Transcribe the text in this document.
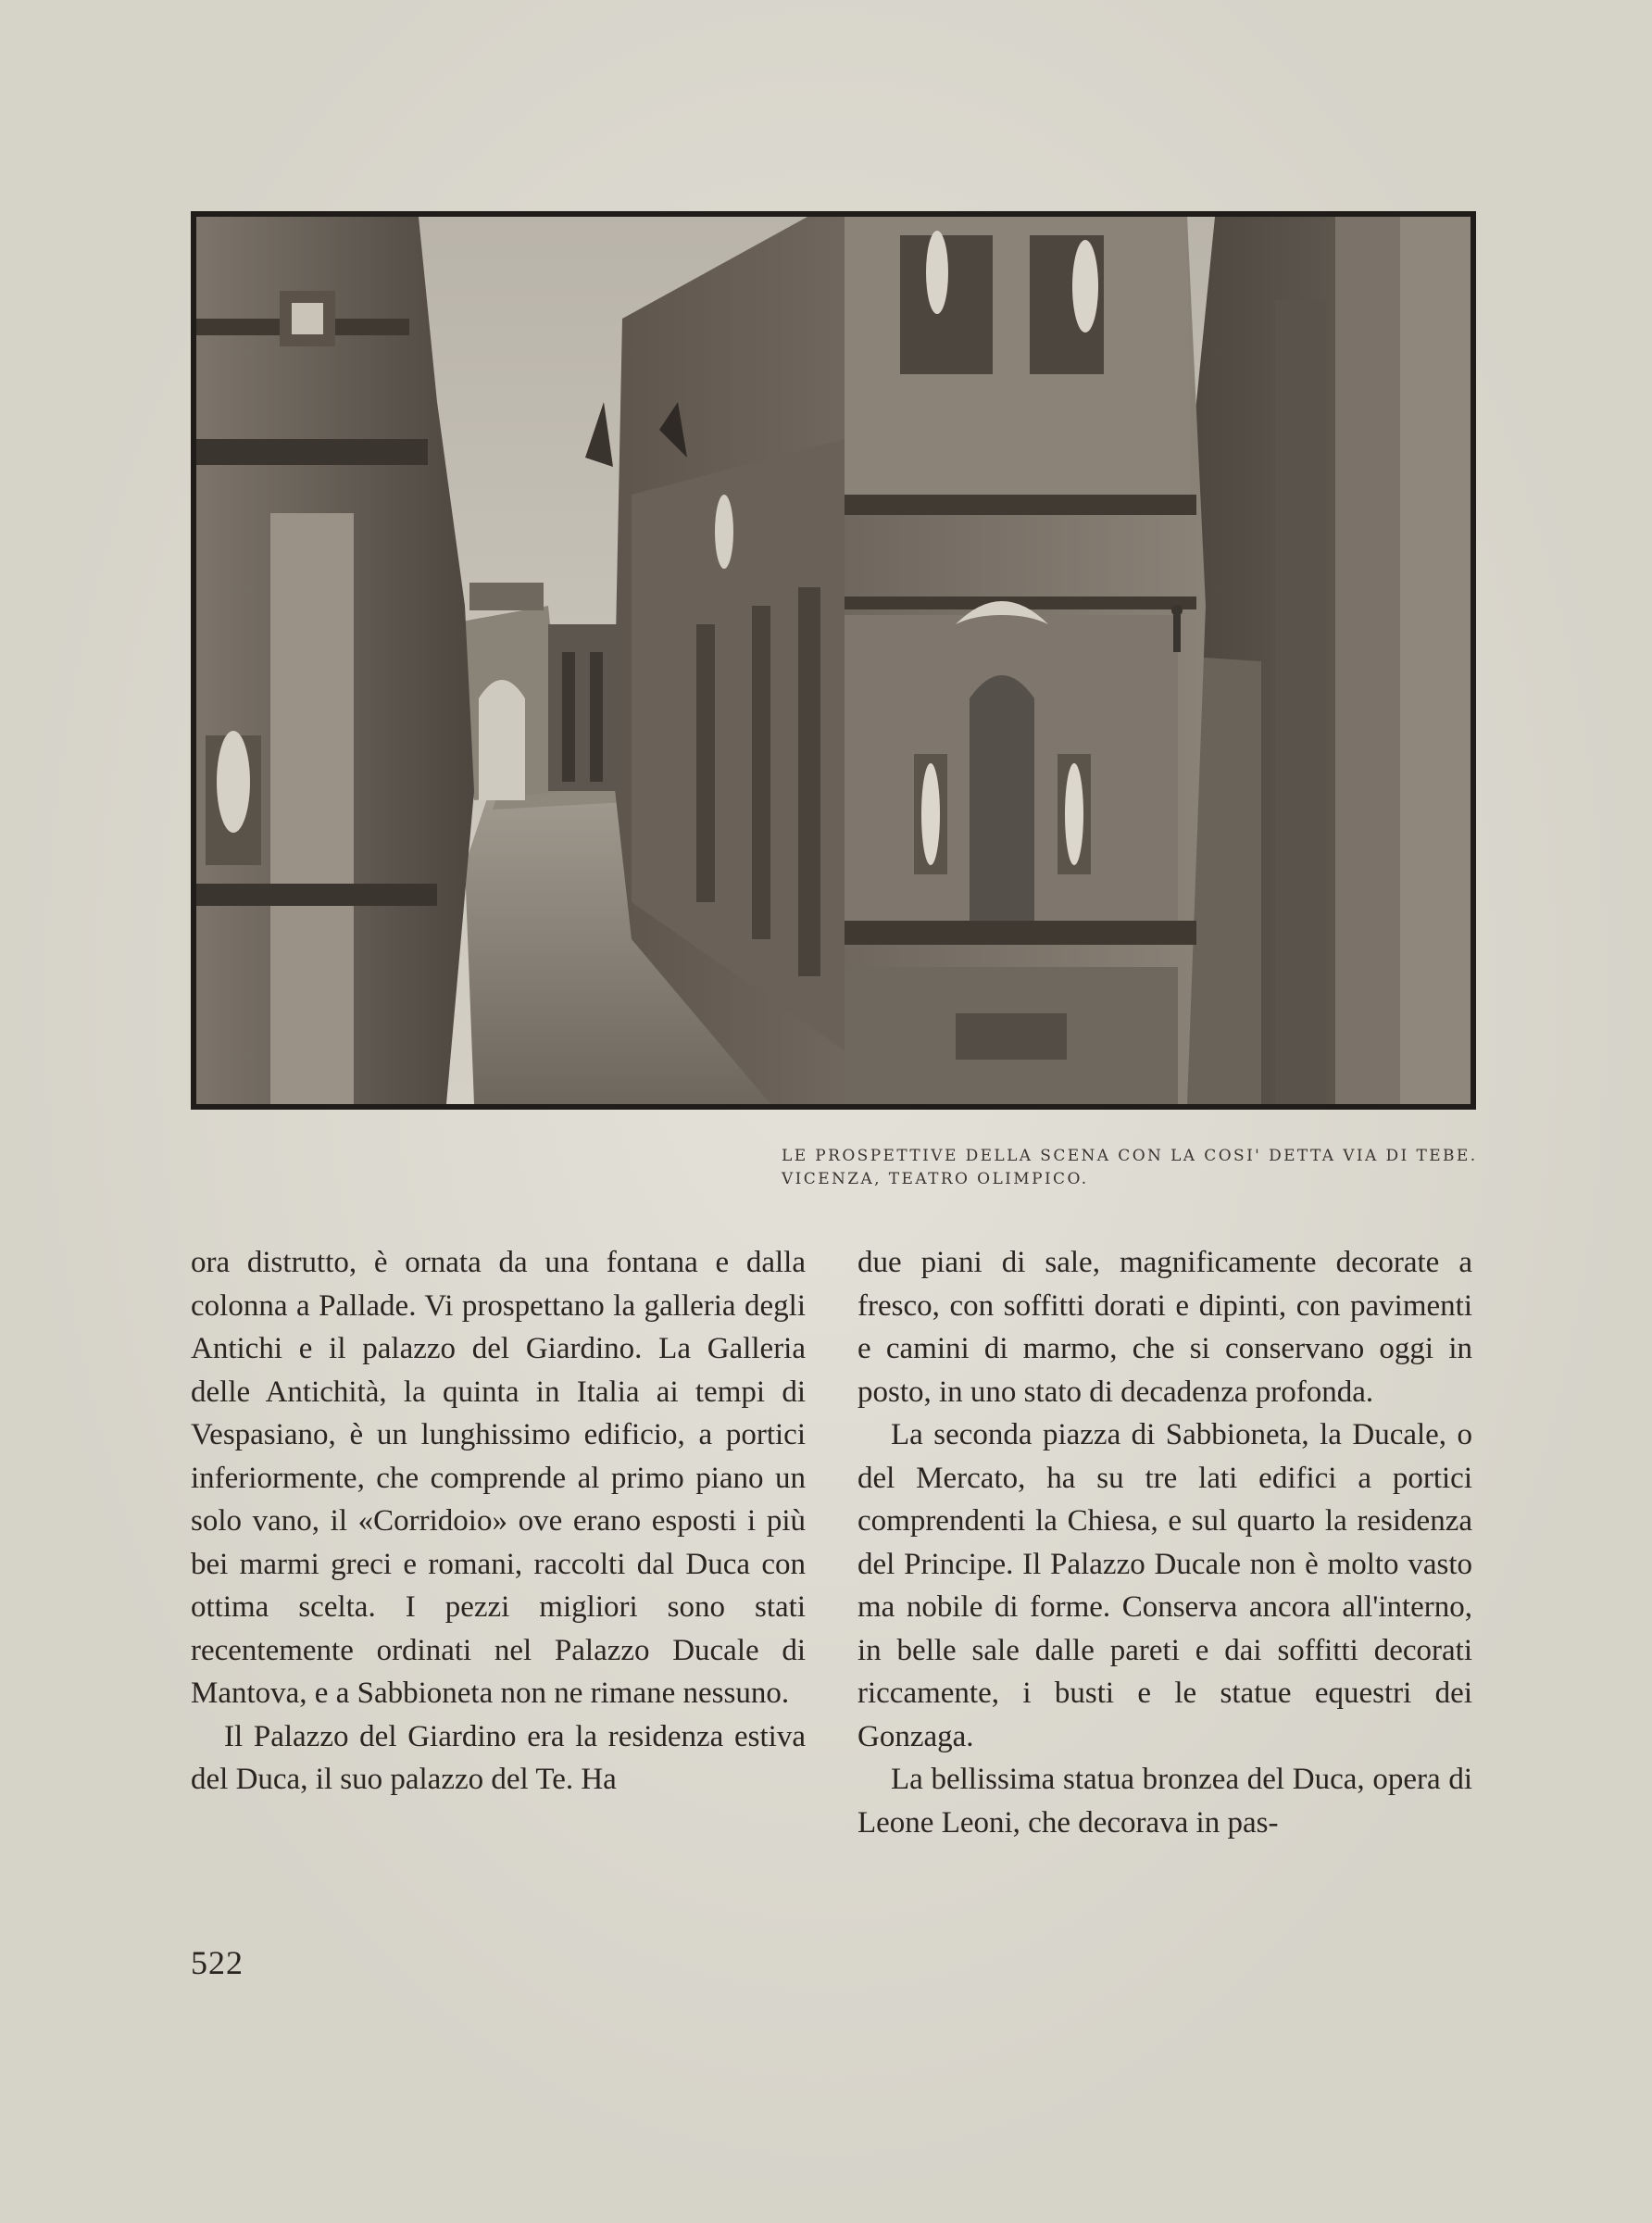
LE PROSPETTIVE DELLA SCENA CON LA COSI' DETTA VIA DI TEBE.
VICENZA, TEATRO OLIMPICO.

ora distrutto, è ornata da una fontana e dalla colonna a Pallade. Vi prospettano la galleria degli Antichi e il palazzo del Giardino. La Galleria delle Antichità, la quinta in Italia ai tempi di Vespasiano, è un lunghissimo edificio, a portici inferiormente, che comprende al primo piano un solo vano, il «Corridoio» ove erano esposti i più bei marmi greci e romani, raccolti dal Duca con ottima scelta. I pezzi migliori sono stati recentemente ordinati nel Palazzo Ducale di Mantova, e a Sabbioneta non ne rimane nessuno.

Il Palazzo del Giardino era la residenza estiva del Duca, il suo palazzo del Te. Ha

due piani di sale, magnificamente decorate a fresco, con soffitti dorati e dipinti, con pavimenti e camini di marmo, che si conservano oggi in posto, in uno stato di decadenza profonda.

La seconda piazza di Sabbioneta, la Ducale, o del Mercato, ha su tre lati edifici a portici comprendenti la Chiesa, e sul quarto la residenza del Principe. Il Palazzo Ducale non è molto vasto ma nobile di forme. Conserva ancora all'interno, in belle sale dalle pareti e dai soffitti decorati riccamente, i busti e le statue equestri dei Gonzaga.

La bellissima statua bronzea del Duca, opera di Leone Leoni, che decorava in pas-

522
